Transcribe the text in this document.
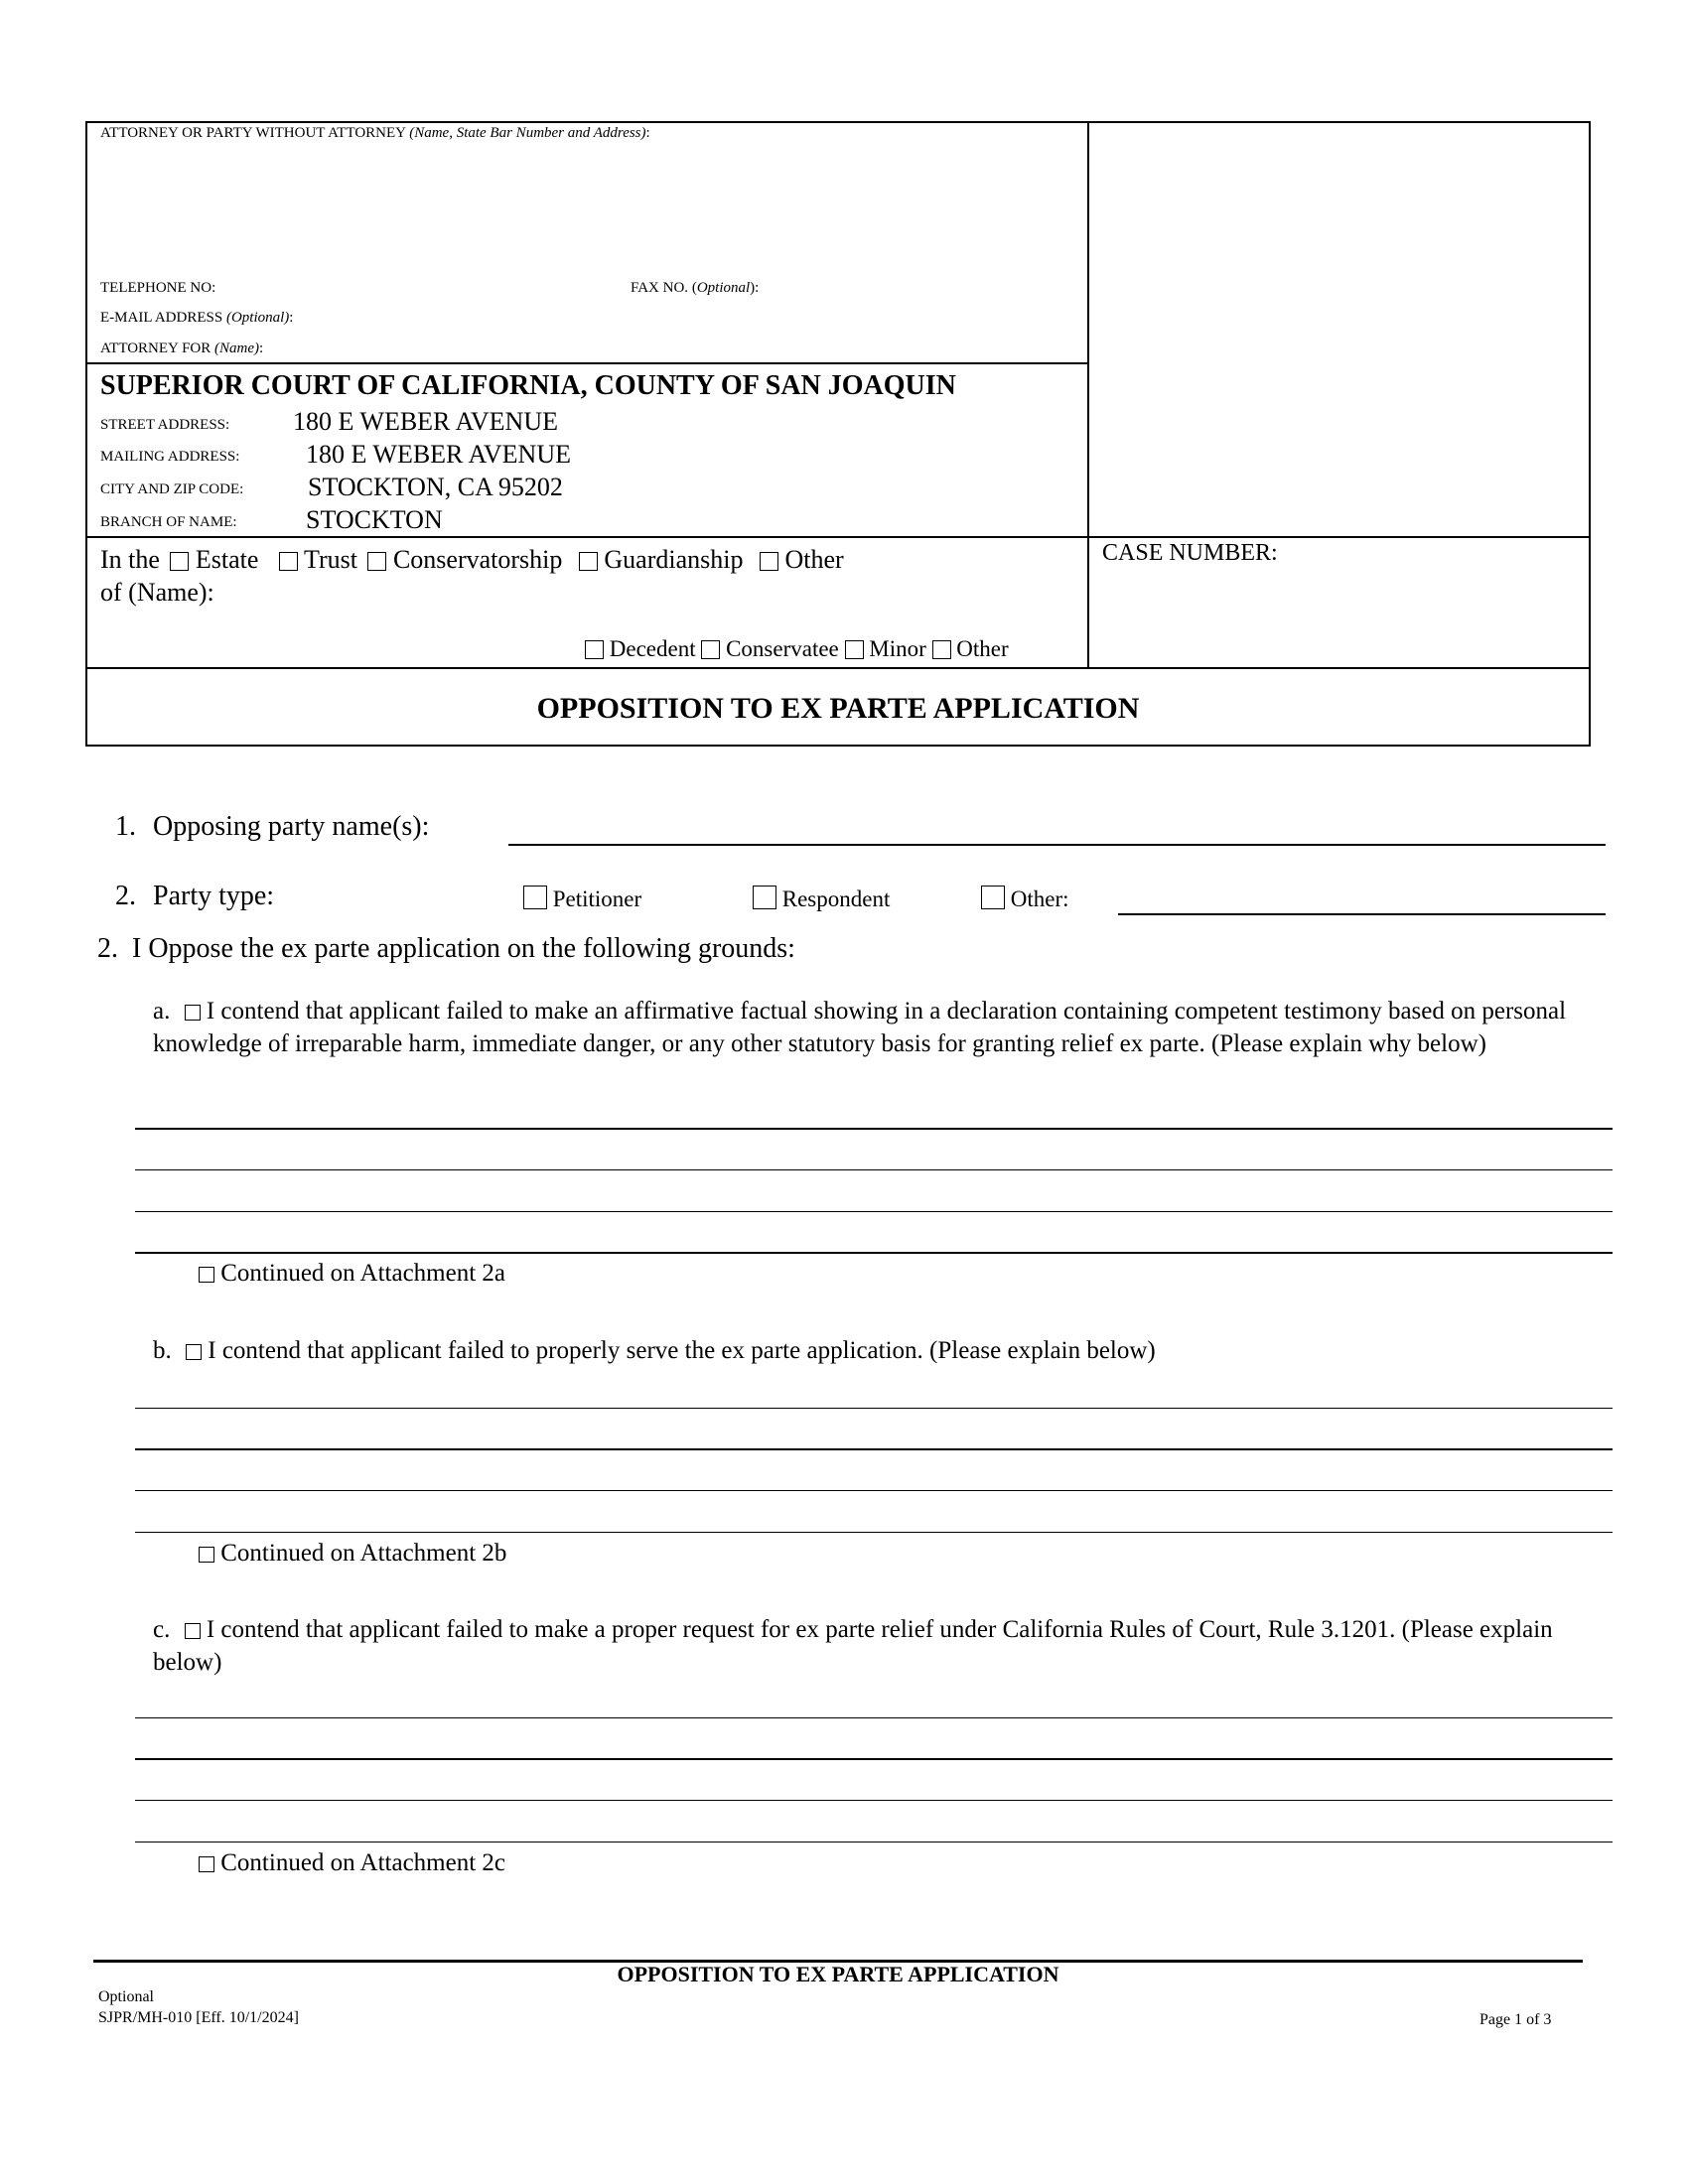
ATTORNEY OR PARTY WITHOUT ATTORNEY (Name, State Bar Number and Address):
TELEPHONE NO:	FAX NO. (Optional):
E-MAIL ADDRESS (Optional):
ATTORNEY FOR (Name):
SUPERIOR COURT OF CALIFORNIA, COUNTY OF SAN JOAQUIN
STREET ADDRESS: 180 E WEBER AVENUE
MAILING ADDRESS:	180 E WEBER AVENUE
CITY AND ZIP CODE: STOCKTON, CA 95202
BRANCH OF NAME:	STOCKTON
In the Estate Trust Conservatorship Guardianship Other
of (Name):
Decedent Conservatee Minor Other
CASE NUMBER:
OPPOSITION TO EX PARTE APPLICATION
1. Opposing party name(s):
2. Party type:	Petitioner	Respondent	Other:
2.  I Oppose the ex parte application on the following grounds:
a. I contend that applicant failed to make an affirmative factual showing in a declaration containing competent testimony based on personal knowledge of irreparable harm, immediate danger, or any other statutory basis for granting relief ex parte. (Please explain why below)
Continued on Attachment 2a
b. I contend that applicant failed to properly serve the ex parte application. (Please explain below)
Continued on Attachment 2b
c. I contend that applicant failed to make a proper request for ex parte relief under California Rules of Court, Rule 3.1201. (Please explain below)
Continued on Attachment 2c
OPPOSITION TO EX PARTE APPLICATION
Optional
SJPR/MH-010 [Eff. 10/1/2024]	Page 1 of 3
